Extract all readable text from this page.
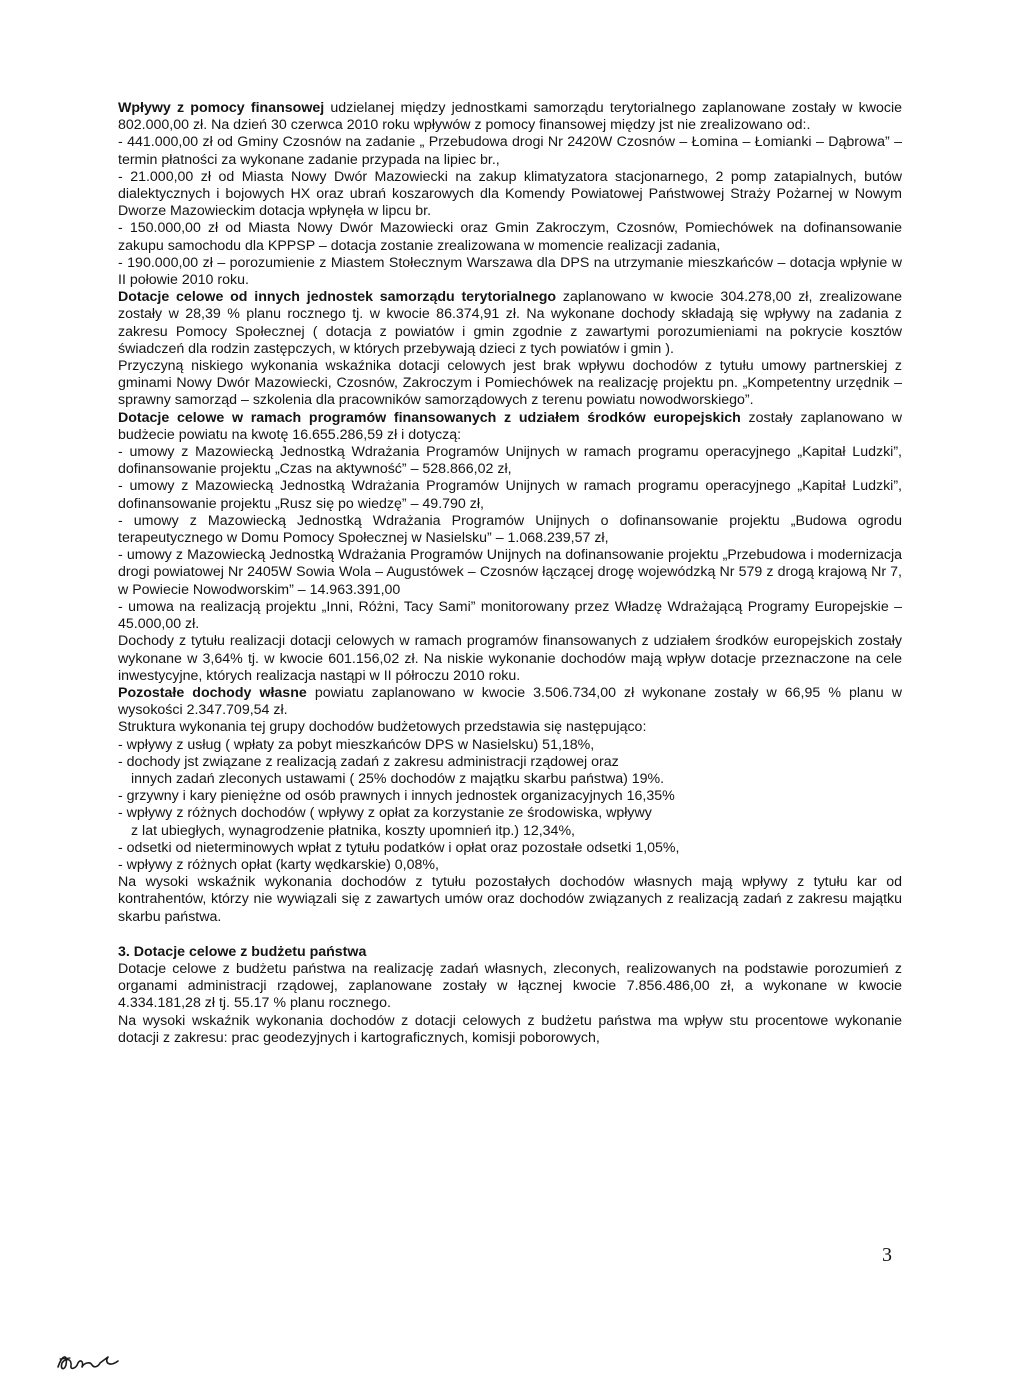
Wpływy z pomocy finansowej udzielanej między jednostkami samorządu terytorialnego zaplanowane zostały w kwocie 802.000,00 zł. Na dzień 30 czerwca 2010 roku wpływów z pomocy finansowej między jst nie zrealizowano od:.

- 441.000,00 zł od Gminy Czosnów na zadanie „ Przebudowa drogi Nr 2420W Czosnów – Łomina – Łomianki – Dąbrowa” – termin płatności za wykonane zadanie przypada na lipiec br.,

- 21.000,00 zł od Miasta Nowy Dwór Mazowiecki na zakup klimatyzatora stacjonarnego, 2 pomp zatapialnych, butów dialektycznych i bojowych HX oraz ubrań koszarowych dla Komendy Powiatowej Państwowej Straży Pożarnej w Nowym Dworze Mazowieckim dotacja wpłynęła w lipcu br.

- 150.000,00 zł od Miasta Nowy Dwór Mazowiecki oraz Gmin Zakroczym, Czosnów, Pomiechówek na dofinansowanie zakupu samochodu dla KPPSP – dotacja zostanie zrealizowana w momencie realizacji zadania,

- 190.000,00 zł – porozumienie z Miastem Stołecznym Warszawa dla DPS na utrzymanie mieszkańców – dotacja wpłynie w II połowie 2010 roku.

Dotacje celowe od innych jednostek samorządu terytorialnego zaplanowano w kwocie 304.278,00 zł, zrealizowane zostały w 28,39 % planu rocznego tj. w kwocie 86.374,91 zł. Na wykonane dochody składają się wpływy na zadania z zakresu Pomocy Społecznej ( dotacja z powiatów i gmin zgodnie z zawartymi porozumieniami na pokrycie kosztów świadczeń dla rodzin zastępczych, w których przebywają dzieci z tych powiatów i gmin ).

Przyczyną niskiego wykonania wskaźnika dotacji celowych jest brak wpływu dochodów z tytułu umowy partnerskiej z gminami Nowy Dwór Mazowiecki, Czosnów, Zakroczym i Pomiechówek na realizację projektu pn. „Kompetentny urzędnik – sprawny samorząd – szkolenia dla pracowników samorządowych z terenu powiatu nowodworskiego”.

Dotacje celowe w ramach programów finansowanych z udziałem środków europejskich zostały zaplanowano w budżecie powiatu na kwotę 16.655.286,59 zł i dotyczą:

- umowy z Mazowiecką Jednostką Wdrażania Programów Unijnych w ramach programu operacyjnego „Kapitał Ludzki”, dofinansowanie projektu „Czas na aktywność” – 528.866,02 zł,

- umowy z Mazowiecką Jednostką Wdrażania Programów Unijnych w ramach programu operacyjnego „Kapitał Ludzki”, dofinansowanie projektu „Rusz się po wiedzę” – 49.790 zł,

- umowy z Mazowiecką Jednostką Wdrażania Programów Unijnych o dofinansowanie projektu „Budowa ogrodu terapeutycznego w Domu Pomocy Społecznej w Nasielsku” – 1.068.239,57 zł,

- umowy z Mazowiecką Jednostką Wdrażania Programów Unijnych na dofinansowanie projektu „Przebudowa i modernizacja drogi powiatowej Nr 2405W Sowia Wola – Augustówek – Czosnów łączącej drogę wojewódzką Nr 579 z drogą krajową Nr 7, w Powiecie Nowodworskim” – 14.963.391,00

- umowa na realizacją projektu „Inni, Różni, Tacy Sami” monitorowany przez Władzę Wdrażającą Programy Europejskie – 45.000,00 zł.

Dochody z tytułu realizacji dotacji celowych w ramach programów finansowanych z udziałem środków europejskich zostały wykonane w 3,64% tj. w kwocie 601.156,02 zł. Na niskie wykonanie dochodów mają wpływ dotacje przeznaczone na cele inwestycyjne, których realizacja nastąpi w II półroczu 2010 roku.

Pozostałe dochody własne powiatu zaplanowano w kwocie 3.506.734,00 zł wykonane zostały w 66,95 % planu w wysokości 2.347.709,54 zł.

Struktura wykonania tej grupy dochodów budżetowych przedstawia się następująco:

- wpływy z usług ( wpłaty za pobyt mieszkańców DPS w Nasielsku) 51,18%,

- dochody jst związane z realizacją zadań z zakresu administracji rządowej oraz

innych zadań zleconych ustawami ( 25% dochodów z majątku skarbu państwa) 19%.

- grzywny i kary pieniężne od osób prawnych i innych jednostek organizacyjnych 16,35%

- wpływy z różnych dochodów ( wpływy z opłat za korzystanie ze środowiska, wpływy

z lat ubiegłych, wynagrodzenie płatnika, koszty upomnień itp.) 12,34%,

- odsetki od nieterminowych wpłat z tytułu podatków i opłat oraz pozostałe odsetki 1,05%,

- wpływy z różnych opłat (karty wędkarskie) 0,08%,

Na wysoki wskaźnik wykonania dochodów z tytułu pozostałych dochodów własnych mają wpływy z tytułu kar od kontrahentów, którzy nie wywiązali się z zawartych umów oraz dochodów związanych z realizacją zadań z zakresu majątku skarbu państwa.

3. Dotacje celowe z budżetu państwa

Dotacje celowe z budżetu państwa na realizację zadań własnych, zleconych, realizowanych na podstawie porozumień z organami administracji rządowej, zaplanowane zostały w łącznej kwocie 7.856.486,00 zł, a wykonane w kwocie 4.334.181,28 zł tj. 55.17 % planu rocznego.

Na wysoki wskaźnik wykonania dochodów z dotacji celowych z budżetu państwa ma wpływ stu procentowe wykonanie dotacji z zakresu: prac geodezyjnych i kartograficznych, komisji poborowych,

3
